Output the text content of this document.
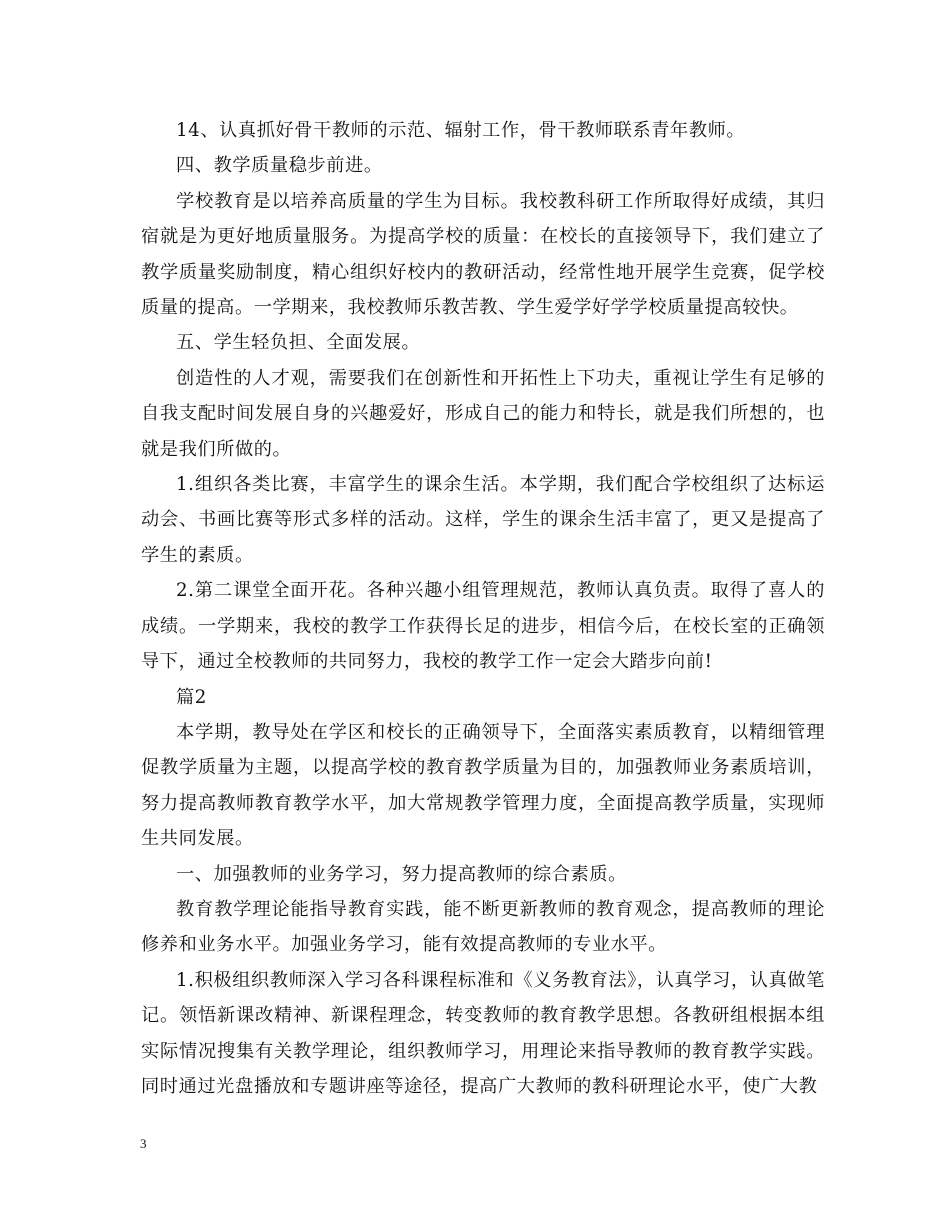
14、认真抓好骨干教师的示范、辐射工作，骨干教师联系青年教师。

四、教学质量稳步前进。

学校教育是以培养高质量的学生为目标。我校教科研工作所取得好成绩，其归宿就是为更好地质量服务。为提高学校的质量：在校长的直接领导下，我们建立了教学质量奖励制度，精心组织好校内的教研活动，经常性地开展学生竞赛，促学校质量的提高。一学期来，我校教师乐教苦教、学生爱学好学学校质量提高较快。

五、学生轻负担、全面发展。

创造性的人才观，需要我们在创新性和开拓性上下功夫，重视让学生有足够的自我支配时间发展自身的兴趣爱好，形成自己的能力和特长，就是我们所想的，也就是我们所做的。

1.组织各类比赛，丰富学生的课余生活。本学期，我们配合学校组织了达标运动会、书画比赛等形式多样的活动。这样，学生的课余生活丰富了，更又是提高了学生的素质。

2.第二课堂全面开花。各种兴趣小组管理规范，教师认真负责。取得了喜人的成绩。一学期来，我校的教学工作获得长足的进步，相信今后，在校长室的正确领导下，通过全校教师的共同努力，我校的教学工作一定会大踏步向前!

篇2

本学期，教导处在学区和校长的正确领导下，全面落实素质教育，以精细管理促教学质量为主题，以提高学校的教育教学质量为目的，加强教师业务素质培训，努力提高教师教育教学水平，加大常规教学管理力度，全面提高教学质量，实现师生共同发展。

一、加强教师的业务学习，努力提高教师的综合素质。

教育教学理论能指导教育实践，能不断更新教师的教育观念，提高教师的理论修养和业务水平。加强业务学习，能有效提高教师的专业水平。

1.积极组织教师深入学习各科课程标准和《义务教育法》，认真学习，认真做笔记。领悟新课改精神、新课程理念，转变教师的教育教学思想。各教研组根据本组实际情况搜集有关教学理论，组织教师学习，用理论来指导教师的教育教学实践。同时通过光盘播放和专题讲座等途径，提高广大教师的教科研理论水平，使广大教

3
